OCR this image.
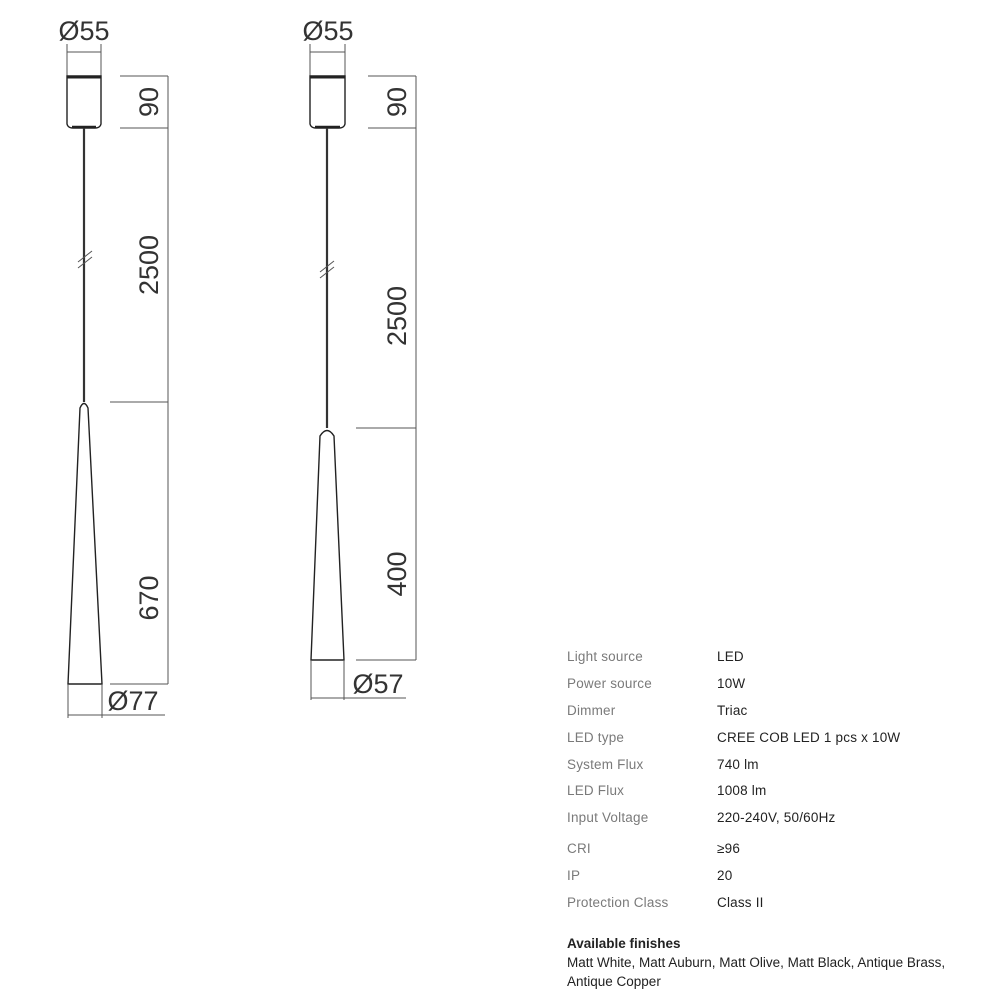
Ø55
90
2500
670
Ø77
Ø55
90
2500
400
Ø57
Light source	LED
Power source	10W
Dimmer	Triac
LED type	CREE COB LED 1 pcs x 10W
System Flux	740 lm
LED Flux	1008 lm
Input Voltage	220-240V, 50/60Hz
CRI	≥96
IP	20
Protection Class	Class II
Available finishes
Matt White, Matt Auburn, Matt Olive, Matt Black, Antique Brass, Antique Copper
